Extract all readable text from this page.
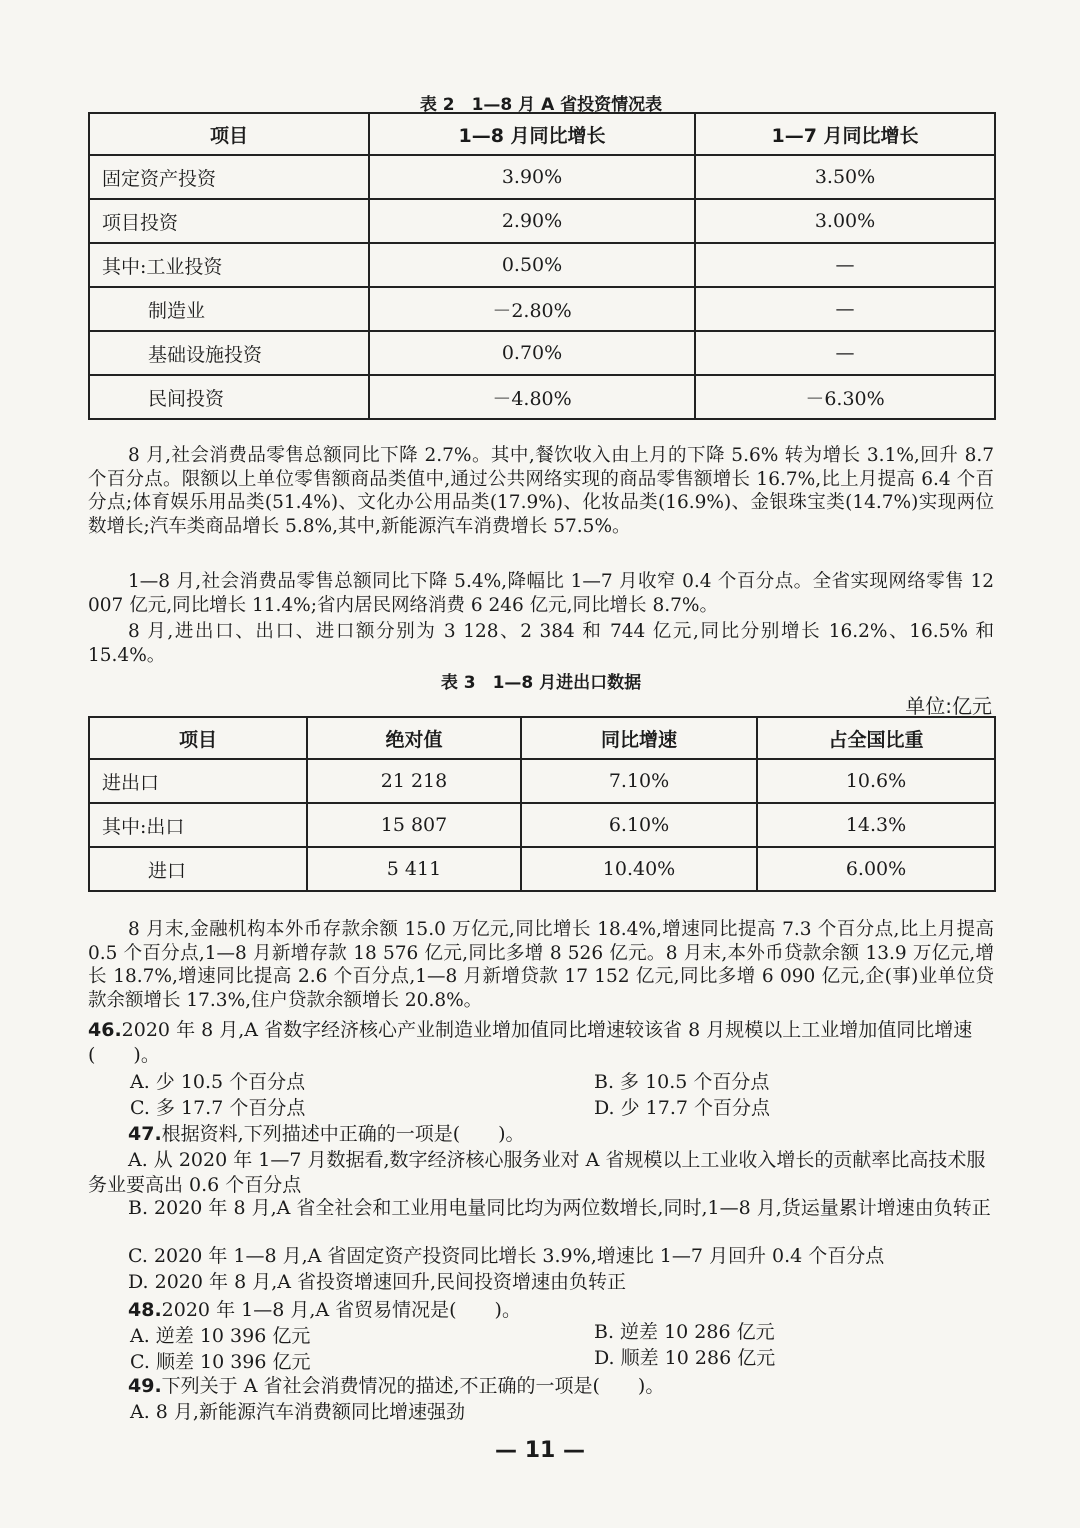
表 2　1—8 月 A 省投资情况表
项目	1—8 月同比增长	1—7 月同比增长
固定资产投资	3.90%	3.50%
项目投资	2.90%	3.00%
其中:工业投资	0.50%	—
制造业	－2.80%	—
基础设施投资	0.70%	—
民间投资	－4.80%	－6.30%

8 月,社会消费品零售总额同比下降 2.7%。其中,餐饮收入由上月的下降 5.6% 转为增长 3.1%,回升 8.7 个百分点。限额以上单位零售额商品类值中,通过公共网络实现的商品零售额增长 16.7%,比上月提高 6.4 个百分点;体育娱乐用品类(51.4%)、文化办公用品类(17.9%)、化妆品类(16.9%)、金银珠宝类(14.7%)实现两位数增长;汽车类商品增长 5.8%,其中,新能源汽车消费增长 57.5%。

1—8 月,社会消费品零售总额同比下降 5.4%,降幅比 1—7 月收窄 0.4 个百分点。全省实现网络零售 12 007 亿元,同比增长 11.4%;省内居民网络消费 6 246 亿元,同比增长 8.7%。

8 月,进出口、出口、进口额分别为 3 128、2 384 和 744 亿元,同比分别增长 16.2%、16.5% 和 15.4%。

表 3　1—8 月进出口数据
单位:亿元
项目	绝对值	同比增速	占全国比重
进出口	21 218	7.10%	10.6%
其中:出口	15 807	6.10%	14.3%
进口	5 411	10.40%	6.00%

8 月末,金融机构本外币存款余额 15.0 万亿元,同比增长 18.4%,增速同比提高 7.3 个百分点,比上月提高 0.5 个百分点,1—8 月新增存款 18 576 亿元,同比多增 8 526 亿元。8 月末,本外币贷款余额 13.9 万亿元,增长 18.7%,增速同比提高 2.6 个百分点,1—8 月新增贷款 17 152 亿元,同比多增 6 090 亿元,企(事)业单位贷款余额增长 17.3%,住户贷款余额增长 20.8%。

46.2020 年 8 月,A 省数字经济核心产业制造业增加值同比增速较该省 8 月规模以上工业增加值同比增速(　　)。

A. 少 10.5 个百分点	B. 多 10.5 个百分点

C. 多 17.7 个百分点	D. 少 17.7 个百分点

47.根据资料,下列描述中正确的一项是(　　)。

A. 从 2020 年 1—7 月数据看,数字经济核心服务业对 A 省规模以上工业收入增长的贡献率比高技术服务业要高出 0.6 个百分点

B. 2020 年 8 月,A 省全社会和工业用电量同比均为两位数增长,同时,1—8 月,货运量累计增速由负转正

C. 2020 年 1—8 月,A 省固定资产投资同比增长 3.9%,增速比 1—7 月回升 0.4 个百分点

D. 2020 年 8 月,A 省投资增速回升,民间投资增速由负转正

48.2020 年 1—8 月,A 省贸易情况是(　　)。

A. 逆差 10 396 亿元	B. 逆差 10 286 亿元

C. 顺差 10 396 亿元	D. 顺差 10 286 亿元

49.下列关于 A 省社会消费情况的描述,不正确的一项是(　　)。

A. 8 月,新能源汽车消费额同比增速强劲

— 11 —
